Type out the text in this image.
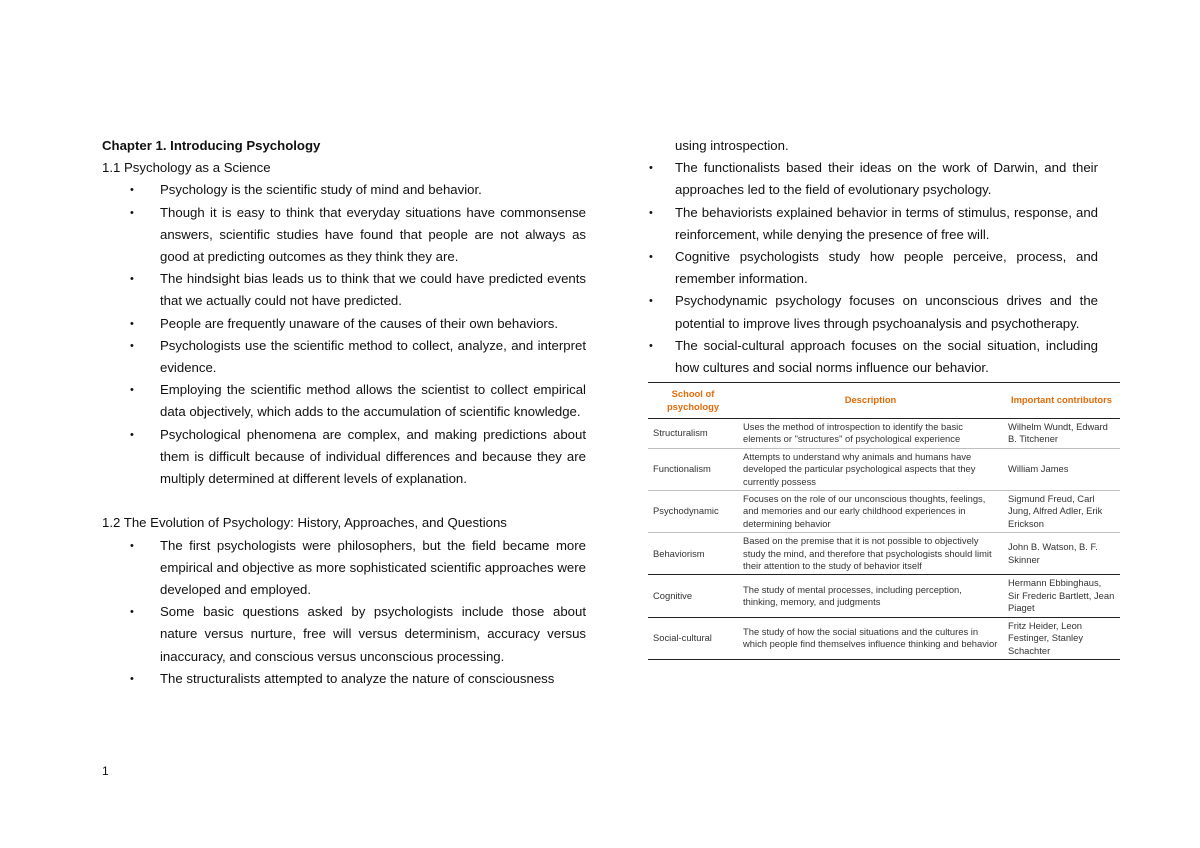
Chapter 1. Introducing Psychology
1.1 Psychology as a Science
• Psychology is the scientific study of mind and behavior.
• Though it is easy to think that everyday situations have commonsense answers, scientific studies have found that people are not always as good at predicting outcomes as they think they are.
• The hindsight bias leads us to think that we could have predicted events that we actually could not have predicted.
• People are frequently unaware of the causes of their own behaviors.
• Psychologists use the scientific method to collect, analyze, and interpret evidence.
• Employing the scientific method allows the scientist to collect empirical data objectively, which adds to the accumulation of scientific knowledge.
• Psychological phenomena are complex, and making predictions about them is difficult because of individual differences and because they are multiply determined at different levels of explanation.
1.2 The Evolution of Psychology: History, Approaches, and Questions
• The first psychologists were philosophers, but the field became more empirical and objective as more sophisticated scientific approaches were developed and employed.
• Some basic questions asked by psychologists include those about nature versus nurture, free will versus determinism, accuracy versus inaccuracy, and conscious versus unconscious processing.
• The structuralists attempted to analyze the nature of consciousness
using introspection.
• The functionalists based their ideas on the work of Darwin, and their approaches led to the field of evolutionary psychology.
• The behaviorists explained behavior in terms of stimulus, response, and reinforcement, while denying the presence of free will.
• Cognitive psychologists study how people perceive, process, and remember information.
• Psychodynamic psychology focuses on unconscious drives and the potential to improve lives through psychoanalysis and psychotherapy.
• The social-cultural approach focuses on the social situation, including how cultures and social norms influence our behavior.
School of psychology	Description	Important contributors
Structuralism	Uses the method of introspection to identify the basic elements or "structures" of psychological experience	Wilhelm Wundt, Edward B. Titchener
Functionalism	Attempts to understand why animals and humans have developed the particular psychological aspects that they currently possess	William James
Psychodynamic	Focuses on the role of our unconscious thoughts, feelings, and memories and our early childhood experiences in determining behavior	Sigmund Freud, Carl Jung, Alfred Adler, Erik Erickson
Behaviorism	Based on the premise that it is not possible to objectively study the mind, and therefore that psychologists should limit their attention to the study of behavior itself	John B. Watson, B. F. Skinner
Cognitive	The study of mental processes, including perception, thinking, memory, and judgments	Hermann Ebbinghaus, Sir Frederic Bartlett, Jean Piaget
Social-cultural	The study of how the social situations and the cultures in which people find themselves influence thinking and behavior	Fritz Heider, Leon Festinger, Stanley Schachter
1
